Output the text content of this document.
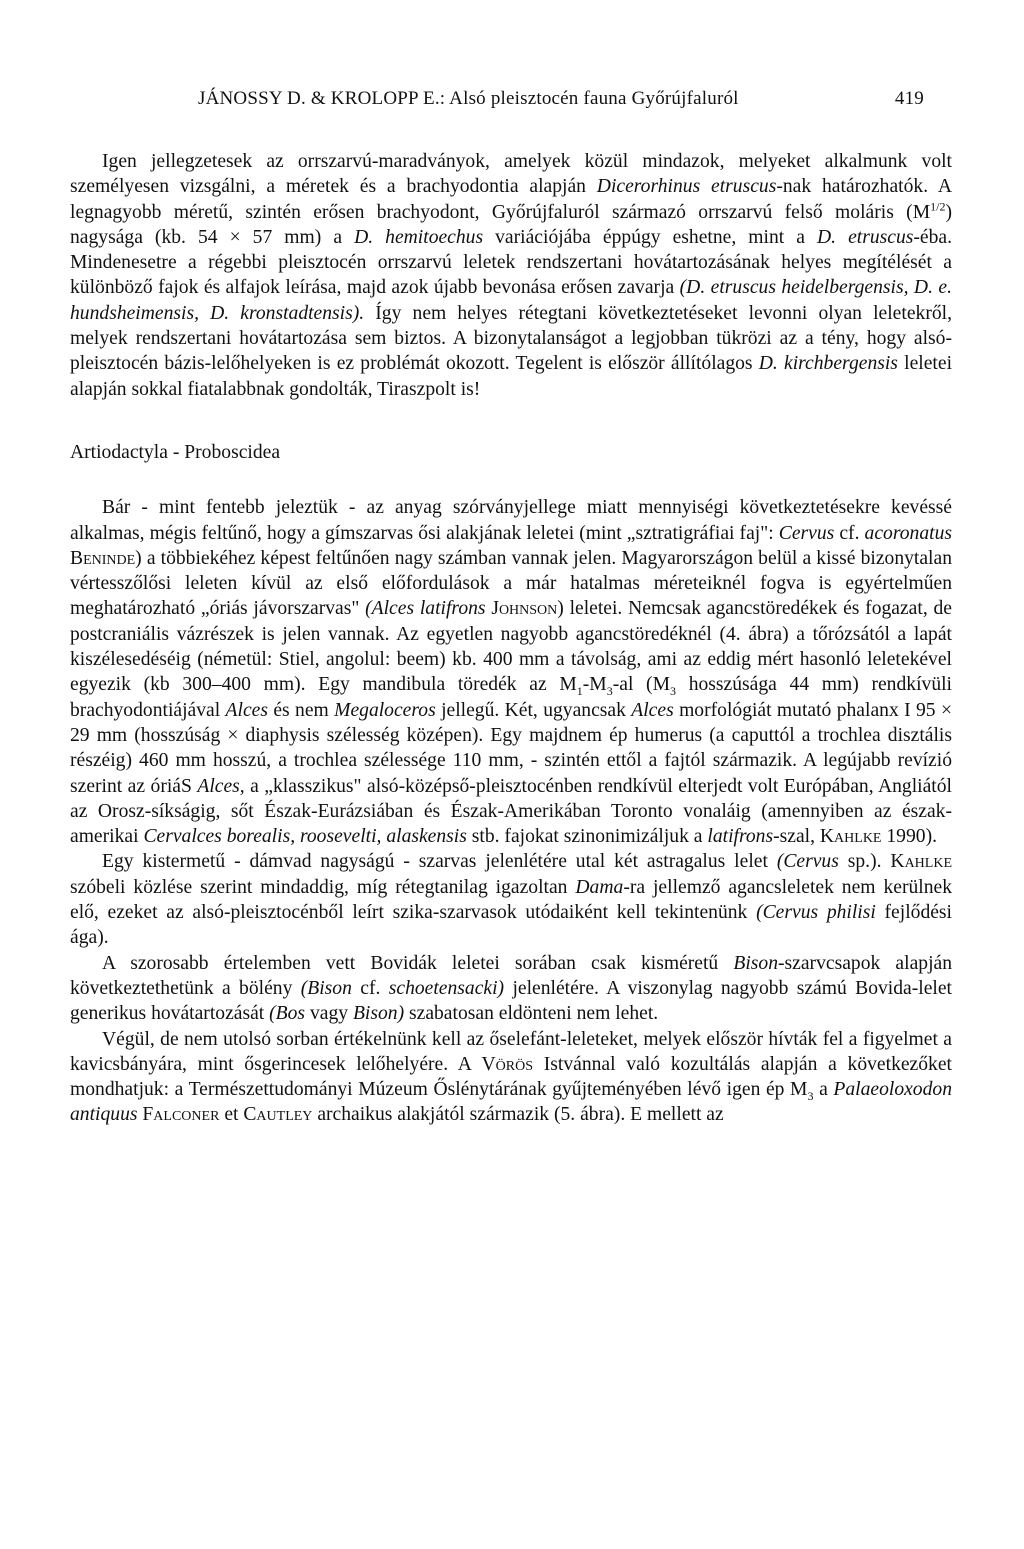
JÁNOSSY D. & KROLOPP E.: Alsó pleisztocén fauna Győrújfaluról	419

Igen jellegzetesek az orrszarvú-maradványok, amelyek közül mindazok, melyeket alkalmunk volt személyesen vizsgálni, a méretek és a brachyodontia alapján Dicerorhinus etruscus-nak határozhatók. A legnagyobb méretű, szintén erősen brachyodont, Győrújfaluról származó orrszarvú felső moláris $(M^{1/2})$ nagysága (kb. 54 × 57 mm) a D. hemitoechus variációjába éppúgy eshetne, mint a D. etruscus-éba. Mindenesetre a régebbi pleisztocén orrszarvú leletek rendszertani hovátartozásának helyes megítélését a különböző fajok és alfajok leírása, majd azok újabb bevonása erősen zavarja (D. etruscus heidelbergensis, D. e. hundsheimensis, D. kronstadtensis). Így nem helyes rétegtani következtetéseket levonni olyan leletekről, melyek rendszertani hovátartozása sem biztos. A bizonytalanságot a legjobban tükrözi az a tény, hogy alsó-pleisztocén bázis-lelőhelyeken is ez problémát okozott. Tegelent is először állítólagos D. kirchbergensis leletei alapján sokkal fiatalabbnak gondolták, Tiraszpolt is!

Artiodactyla - Proboscidea

Bár - mint fentebb jeleztük - az anyag szórványjellege miatt mennyiségi következtetésekre kevéssé alkalmas, mégis feltűnő, hogy a gímszarvas ősi alakjának leletei (mint „sztratigráfiai faj": Cervus cf. acoronatus Beninde) a többiekéhez képest feltűnően nagy számban vannak jelen. Magyarországon belül a kissé bizonytalan vértesszőlősi leleten kívül az első előfordulások a már hatalmas méreteiknél fogva is egyértelműen meghatározható „óriás jávorszarvas" (Alces latifrons Johnson) leletei. Nemcsak agancstöredékek és fogazat, de postcraniális vázrészek is jelen vannak. Az egyetlen nagyobb agancstöredéknél (4. ábra) a tőrózsától a lapát kiszélesedéséig (németül: Stiel, angolul: beem) kb. 400 mm a távolság, ami az eddig mért hasonló leletekével egyezik (kb 300–400 mm). Egy mandibula töredék az $M_1-M_3-al$ ($M_3$ hosszúsága 44 mm) rendkívüli brachyodontiájával Alces és nem Megaloceros jellegű. Két, ugyancsak Alces morfológiát mutató phalanx I 95 × 29 mm (hosszúság × diaphysis szélesség középen). Egy majdnem ép humerus (a caputtól a trochlea disztális részéig) 460 mm hosszú, a trochlea szélessége 110 mm, - szintén ettől a fajtól származik. A legújabb revízió szerint az óriáS Alces, a „klasszikus" alsó-középső-pleisztocénben rendkívül elterjedt volt Európában, Angliától az Orosz-síkságig, sőt Észak-Eurázsiában és Észak-Amerikában Toronto vonaláig (amennyiben az észak-amerikai Cervalces borealis, roosevelti, alaskensis stb. fajokat szinonimizáljuk a latifrons-szal, Kahlke 1990).

Egy kistermetű - dámvad nagyságú - szarvas jelenlétére utal két astragalus lelet (Cervus sp.). Kahlke szóbeli közlése szerint mindaddig, míg rétegtanilag igazoltan Dama-ra jellemző agancsleletek nem kerülnek elő, ezeket az alsó-pleisztocénből leírt szika-szarvasok utódaiként kell tekintenünk (Cervus philisi fejlődési ága).

A szorosabb értelemben vett Bovidák leletei sorában csak kisméretű Bison-szarvcsapok alapján következtethetünk a bölény (Bison cf. schoetensacki) jelenlétére. A viszonylag nagyobb számú Bovida-lelet generikus hovátartozását (Bos vagy Bison) szabatosan eldönteni nem lehet.

Végül, de nem utolsó sorban értékelnünk kell az őselefánt-leleteket, melyek először hívták fel a figyelmet a kavicsbányára, mint ősgerincesek lelőhelyére. A Vörös Istvánnal való kozultálás alapján a következőket mondhatjuk: a Természettudományi Múzeum Őslénytárának gyűjteményében lévő igen ép $M_3$ a Palaeoloxodon antiquus Falconer et Cautley archaikus alakjától származik (5. ábra). E mellett az
